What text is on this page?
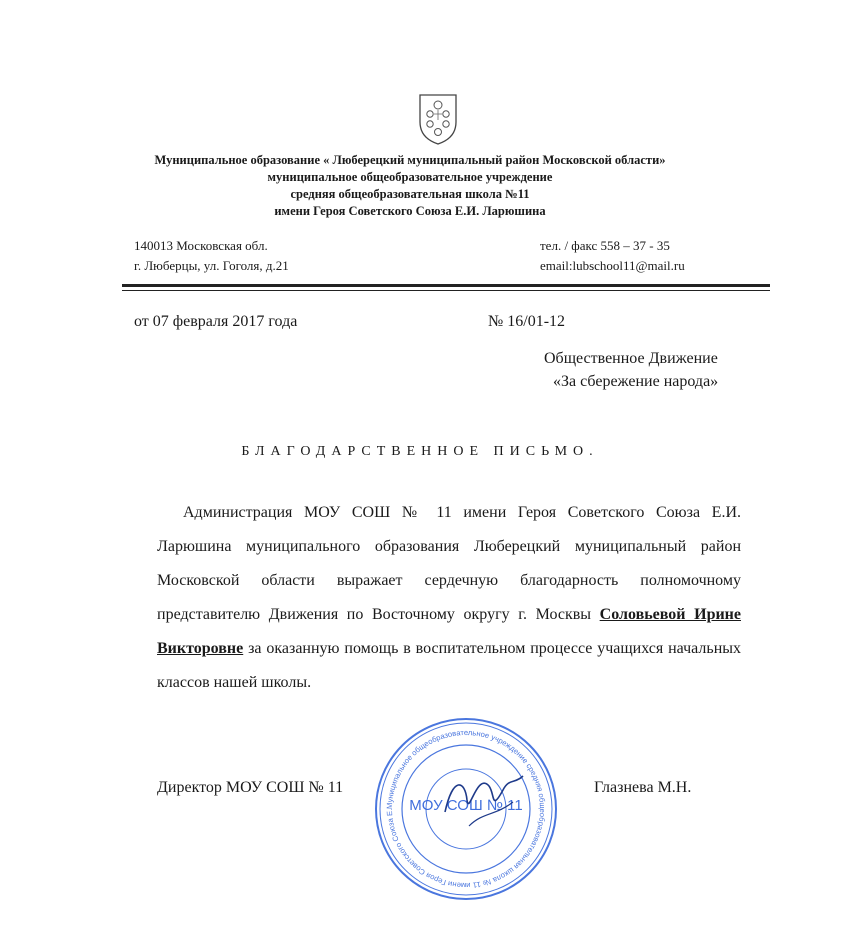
Муниципальное образование « Люберецкий муниципальный район Московской области»
муниципальное общеобразовательное учреждение
средняя общеобразовательная школа №11
имени Героя Советского Союза Е.И. Ларюшина
140013 Московская обл.
г. Люберцы, ул. Гоголя, д.21
тел. / факс 558 – 37 - 35
email:lubschool11@mail.ru
от 07 февраля 2017 года	№ 16/01-12
Общественное Движение
«За сбережение народа»
БЛАГОДАРСТВЕННОЕ ПИСЬМО.
Администрация МОУ СОШ № 11 имени Героя Советского Союза Е.И. Ларюшина муниципального образования Люберецкий муниципальный район Московской области выражает сердечную благодарность полномочному представителю Движения по Восточному округу г. Москвы Соловьевой Ирине Викторовне за оказанную помощь в воспитательном процессе учащихся начальных классов нашей школы.
Директор МОУ СОШ № 11	Глазнева М.Н.
Муниципальное общеобразовательное учреждение средняя общеобразовательная школа № 11 имени Героя Советского Союза Е.	МОУ СОШ № 11
